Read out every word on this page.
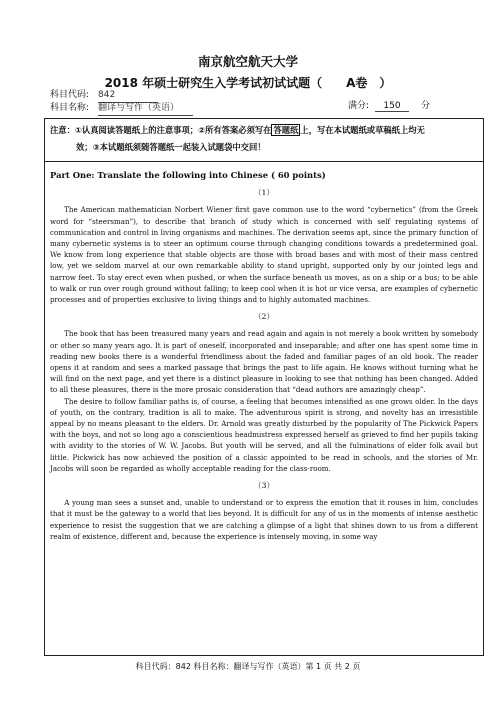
南京航空航天大学
2018 年硕士研究生入学考试初试试题（　　A卷　）
科目代码: 842
科目名称: 翻译与写作（英语）	满分: 150 分
注意：①认真阅读答题纸上的注意事项；②所有答案必须写在 答题纸 上，写在本试题纸或草稿纸上均无
效；③本试题纸须随答题纸一起装入试题袋中交回！
Part One: Translate the following into Chinese ( 60 points)
（1）

The American mathematician Norbert Wiener first gave common use to the word “cybernetics” (from the Greek word for “steersman”), to describe that branch of study which is concerned with self regulating systems of communication and control in living organisms and machines. The derivation seems apt, since the primary function of many cybernetic systems is to steer an optimum course through changing conditions towards a predetermined goal. We know from long experience that stable objects are those with broad bases and with most of their mass centred low, yet we seldom marvel at our own remarkable ability to stand upright, supported only by our jointed legs and narrow feet. To stay erect even when pushed, or when the surface beneath us moves, as on a ship or a bus; to be able to walk or run over rough ground without falling; to keep cool when it is hot or vice versa, are examples of cybernetic processes and of properties exclusive to living things and to highly automated machines.

（2）

The book that has been treasured many years and read again and again is not merely a book written by somebody or other so many years ago. It is part of oneself, incorporated and inseparable; and after one has spent some time in reading new books there is a wonderful friendliness about the faded and familiar pages of an old book. The reader opens it at random and sees a marked passage that brings the past to life again. He knows without turning what he will find on the next page, and yet there is a distinct pleasure in looking to see that nothing has been changed. Added to all these pleasures, there is the more prosaic consideration that “dead authors are amazingly cheap”.

The desire to follow familiar paths is, of course, a feeling that becomes intensified as one grows older. In the days of youth, on the contrary, tradition is all to make. The adventurous spirit is strong, and novelty has an irresistible appeal by no means pleasant to the elders. Dr. Arnold was greatly disturbed by the popularity of The Pickwick Papers with the boys, and not so long ago a conscientious headmistress expressed herself as grieved to find her pupils taking with avidity to the stories of W. W. Jacobs. But youth will be served, and all the fulminations of elder folk avail but little. Pickwick has now achieved the position of a classic appointed to be read in schools, and the stories of Mr. Jacobs will soon be regarded as wholly acceptable reading for the class-room.

（3）

A young man sees a sunset and, unable to understand or to express the emotion that it rouses in him, concludes that it must be the gateway to a world that lies beyond. It is difficult for any of us in the moments of intense aesthetic experience to resist the suggestion that we are catching a glimpse of a light that shines down to us from a different realm of existence, different and, because the experience is intensely moving, in some way

科目代码：842 科目名称：翻译与写作（英语）第 1 页 共 2 页
